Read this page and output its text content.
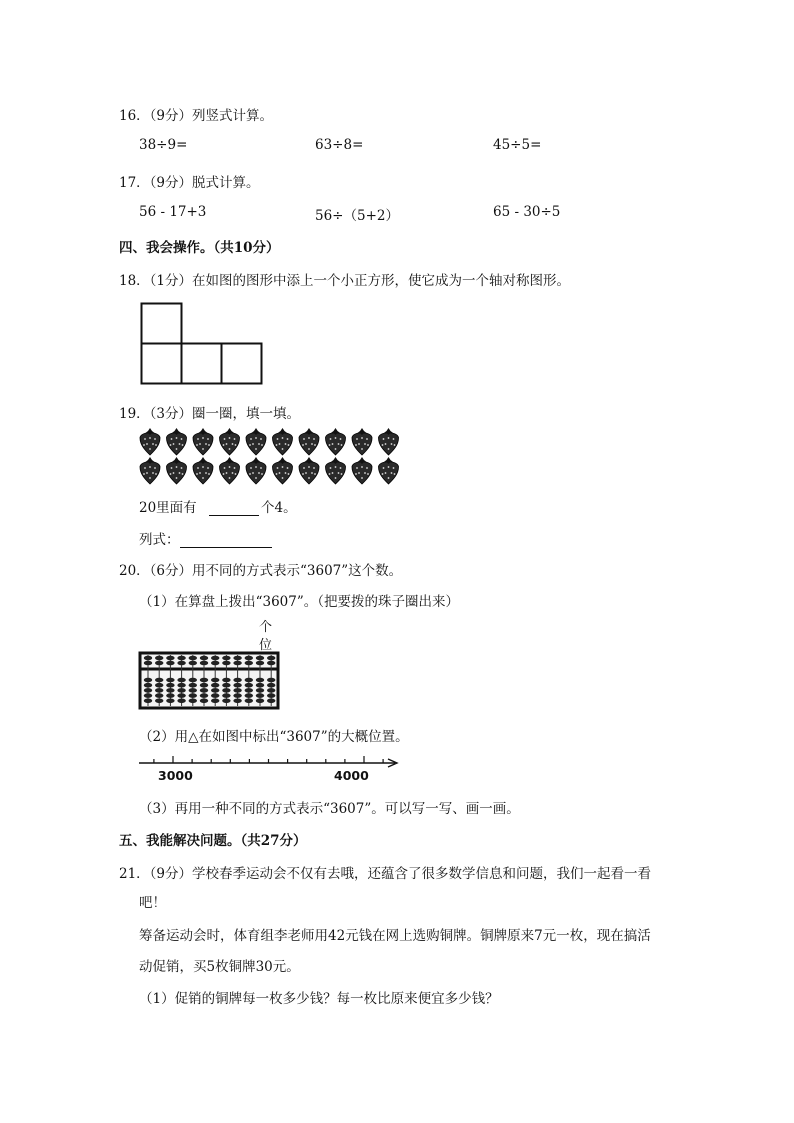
16．（9分）列竖式计算。
38÷9=	63÷8=	45÷5=
17．（9分）脱式计算。
56 - 17+3	56÷（5+2）	65 - 30÷5
四、我会操作。（共10分）
18．（1分）在如图的图形中添上一个小正方形，使它成为一个轴对称图形。
19．（3分）圈一圈，填一填。
20里面有	个4。
列式：
20．（6分）用不同的方式表示“3607”这个数。
（1）在算盘上拨出“3607”。（把要拨的珠子圈出来）
个
位
（2）用△在如图中标出“3607”的大概位置。
3000	4000
（3）再用一种不同的方式表示“3607”。可以写一写、画一画。
五、我能解决问题。（共27分）
21．（9分）学校春季运动会不仅有去哦，还蕴含了很多数学信息和问题，我们一起看一看
吧！
筹备运动会时，体育组李老师用42元钱在网上选购铜牌。铜牌原来7元一枚，现在搞活
动促销，买5枚铜牌30元。
（1）促销的铜牌每一枚多少钱？每一枚比原来便宜多少钱？
